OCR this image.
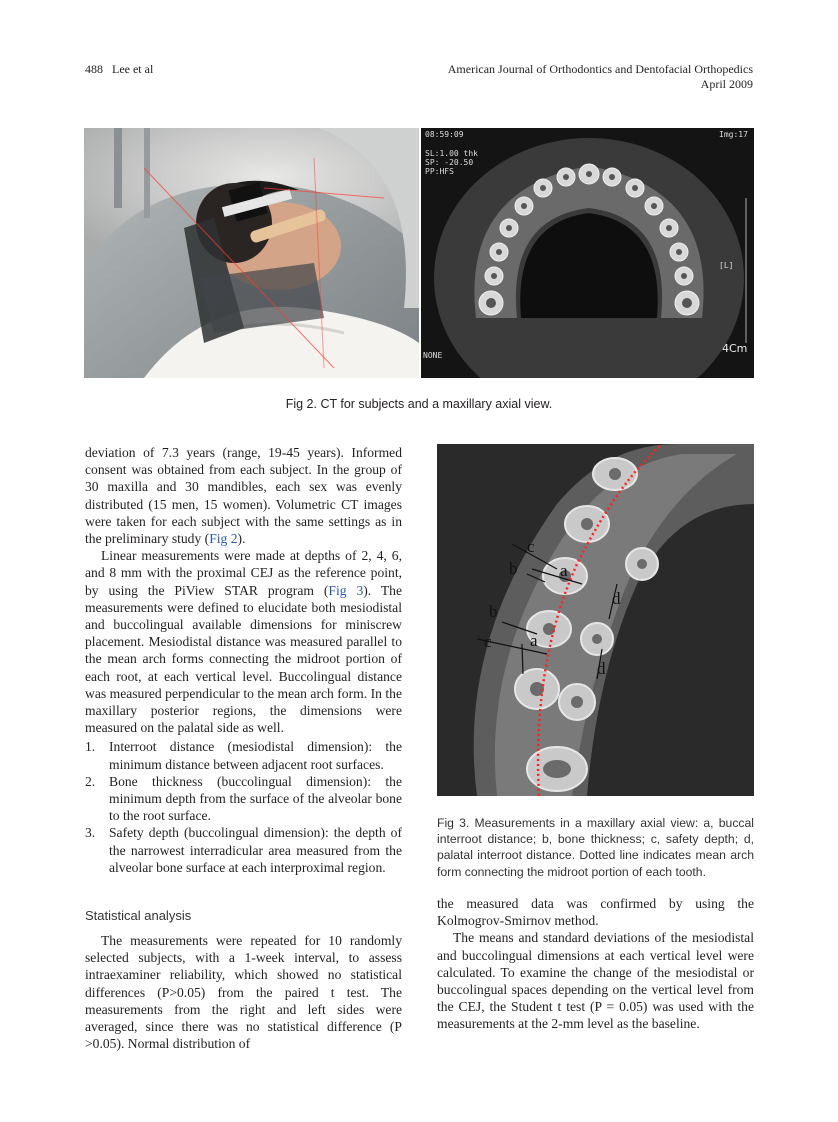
488 Lee et al	American Journal of Orthodontics and Dentofacial Orthopedics
April 2009
08:59:09
SL:1.00 thk
SP: -20.50
PP:HFS
Img:17
[L]
NONE
4Cm
Fig 2. CT for subjects and a maxillary axial view.

deviation of 7.3 years (range, 19-45 years). Informed consent was obtained from each subject. In the group of 30 maxilla and 30 mandibles, each sex was evenly distributed (15 men, 15 women). Volumetric CT images were taken for each subject with the same settings as in the preliminary study (Fig 2).

Linear measurements were made at depths of 2, 4, 6, and 8 mm with the proximal CEJ as the reference point, by using the PiView STAR program (Fig 3). The measurements were defined to elucidate both mesiodistal and buccolingual available dimensions for miniscrew placement. Mesiodistal distance was measured parallel to the mean arch forms connecting the midroot portion of each root, at each vertical level. Buccolingual distance was measured perpendicular to the mean arch form. In the maxillary posterior regions, the dimensions were measured on the palatal side as well.

1. Interroot distance (mesiodistal dimension): the minimum distance between adjacent root surfaces.
2. Bone thickness (buccolingual dimension): the minimum depth from the surface of the alveolar bone to the root surface.
3. Safety depth (buccolingual dimension): the depth of the narrowest interradicular area measured from the alveolar bone surface at each interproximal region.
Statistical analysis

The measurements were repeated for 10 randomly selected subjects, with a 1-week interval, to assess intraexaminer reliability, which showed no statistical differences (P>0.05) from the paired t test. The measurements from the right and left sides were averaged, since there was no statistical difference (P >0.05). Normal distribution of

c
b	a
d
b
c a
d
Fig 3. Measurements in a maxillary axial view: a, buccal interroot distance; b, bone thickness; c, safety depth; d, palatal interroot distance. Dotted line indicates mean arch form connecting the midroot portion of each tooth.

the measured data was confirmed by using the Kolmogrov-Smirnov method.

The means and standard deviations of the mesiodistal and buccolingual dimensions at each vertical level were calculated. To examine the change of the mesiodistal or buccolingual spaces depending on the vertical level from the CEJ, the Student t test (P = 0.05) was used with the measurements at the 2-mm level as the baseline.
